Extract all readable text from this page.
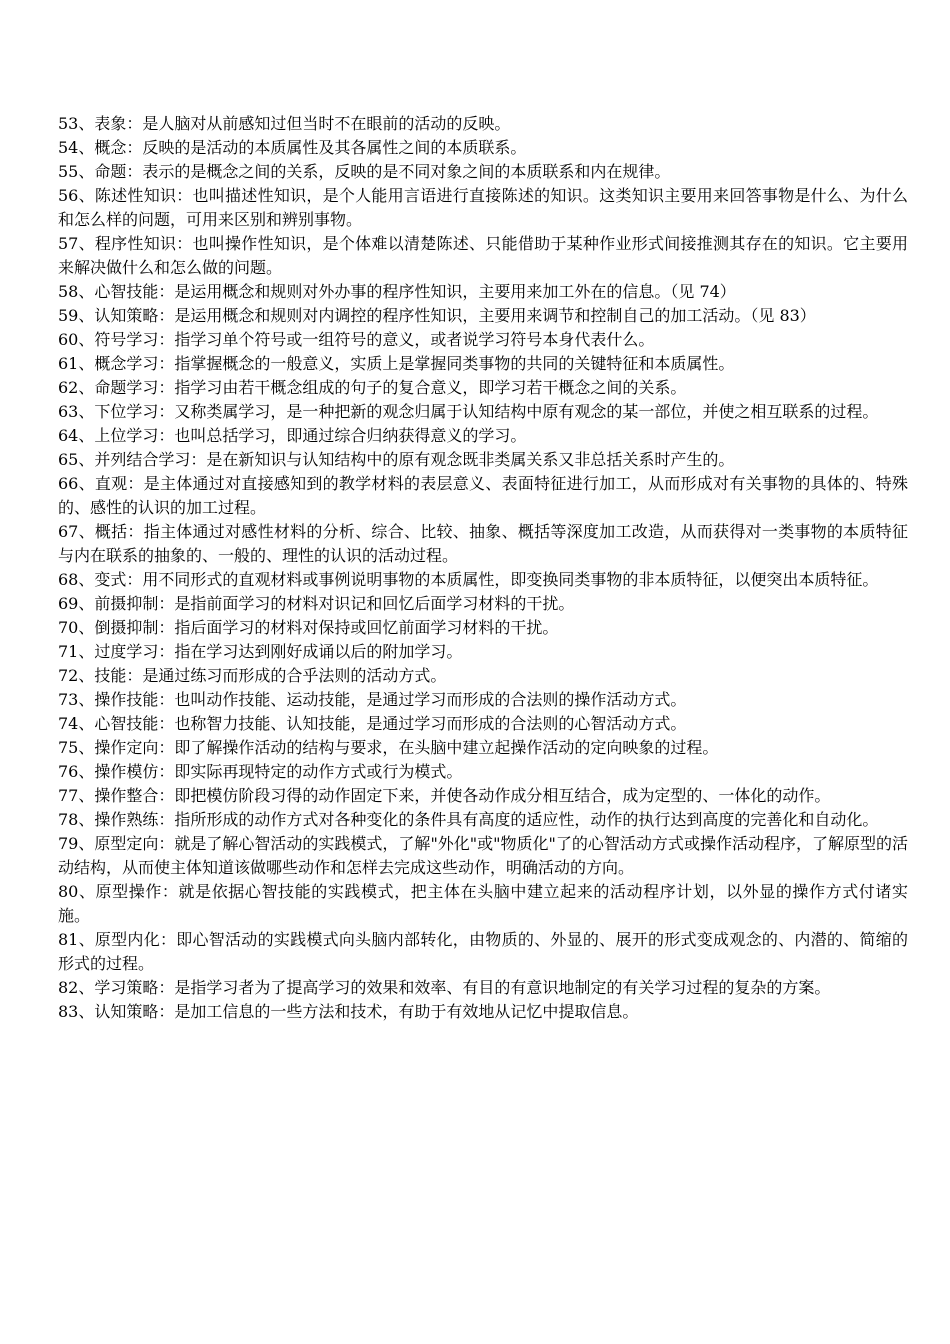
53、表象：是人脑对从前感知过但当时不在眼前的活动的反映。

54、概念：反映的是活动的本质属性及其各属性之间的本质联系。

55、命题：表示的是概念之间的关系，反映的是不同对象之间的本质联系和内在规律。

56、陈述性知识：也叫描述性知识，是个人能用言语进行直接陈述的知识。这类知识主要用来回答事物是什么、为什么和怎么样的问题，可用来区别和辨别事物。

57、程序性知识：也叫操作性知识，是个体难以清楚陈述、只能借助于某种作业形式间接推测其存在的知识。它主要用来解决做什么和怎么做的问题。

58、心智技能：是运用概念和规则对外办事的程序性知识，主要用来加工外在的信息。（见 74）

59、认知策略：是运用概念和规则对内调控的程序性知识，主要用来调节和控制自己的加工活动。（见 83）

60、符号学习：指学习单个符号或一组符号的意义，或者说学习符号本身代表什么。

61、概念学习：指掌握概念的一般意义，实质上是掌握同类事物的共同的关键特征和本质属性。

62、命题学习：指学习由若干概念组成的句子的复合意义，即学习若干概念之间的关系。

63、下位学习：又称类属学习，是一种把新的观念归属于认知结构中原有观念的某一部位，并使之相互联系的过程。

64、上位学习：也叫总括学习，即通过综合归纳获得意义的学习。

65、并列结合学习：是在新知识与认知结构中的原有观念既非类属关系又非总括关系时产生的。

66、直观：是主体通过对直接感知到的教学材料的表层意义、表面特征进行加工，从而形成对有关事物的具体的、特殊的、感性的认识的加工过程。

67、概括：指主体通过对感性材料的分析、综合、比较、抽象、概括等深度加工改造，从而获得对一类事物的本质特征与内在联系的抽象的、一般的、理性的认识的活动过程。

68、变式：用不同形式的直观材料或事例说明事物的本质属性，即变换同类事物的非本质特征，以便突出本质特征。

69、前摄抑制：是指前面学习的材料对识记和回忆后面学习材料的干扰。

70、倒摄抑制：指后面学习的材料对保持或回忆前面学习材料的干扰。

71、过度学习：指在学习达到刚好成诵以后的附加学习。

72、技能：是通过练习而形成的合乎法则的活动方式。

73、操作技能：也叫动作技能、运动技能，是通过学习而形成的合法则的操作活动方式。

74、心智技能：也称智力技能、认知技能，是通过学习而形成的合法则的心智活动方式。

75、操作定向：即了解操作活动的结构与要求，在头脑中建立起操作活动的定向映象的过程。

76、操作模仿：即实际再现特定的动作方式或行为模式。

77、操作整合：即把模仿阶段习得的动作固定下来，并使各动作成分相互结合，成为定型的、一体化的动作。

78、操作熟练：指所形成的动作方式对各种变化的条件具有高度的适应性，动作的执行达到高度的完善化和自动化。

79、原型定向：就是了解心智活动的实践模式，了解"外化"或"物质化"了的心智活动方式或操作活动程序，了解原型的活动结构，从而使主体知道该做哪些动作和怎样去完成这些动作，明确活动的方向。

80、原型操作：就是依据心智技能的实践模式，把主体在头脑中建立起来的活动程序计划，以外显的操作方式付诸实施。

81、原型内化：即心智活动的实践模式向头脑内部转化，由物质的、外显的、展开的形式变成观念的、内潜的、简缩的形式的过程。

82、学习策略：是指学习者为了提高学习的效果和效率、有目的有意识地制定的有关学习过程的复杂的方案。

83、认知策略：是加工信息的一些方法和技术，有助于有效地从记忆中提取信息。
